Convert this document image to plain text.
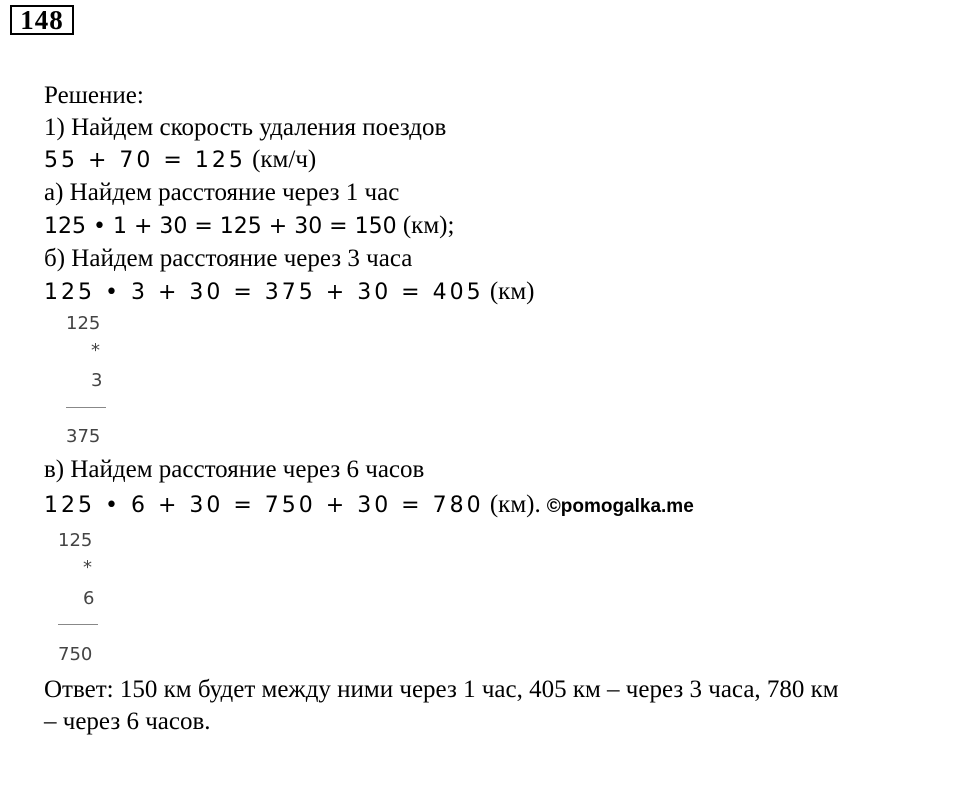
148
Решение:
1) Найдем скорость удаления поездов
55 + 70 = 125 (км/ч)
а) Найдем расстояние через 1 час
125 • 1 + 30 = 125 + 30 = 150 (км);
б) Найдем расстояние через 3 часа
125 • 3 + 30 = 375 + 30 = 405 (км)
125
*
3
375
в) Найдем расстояние через 6 часов
125 • 6 + 30 = 750 + 30 = 780 (км). ©pomogalka.me
125
*
6
750
Ответ: 150 км будет между ними через 1 час, 405 км – через 3 часа, 780 км
– через 6 часов.
